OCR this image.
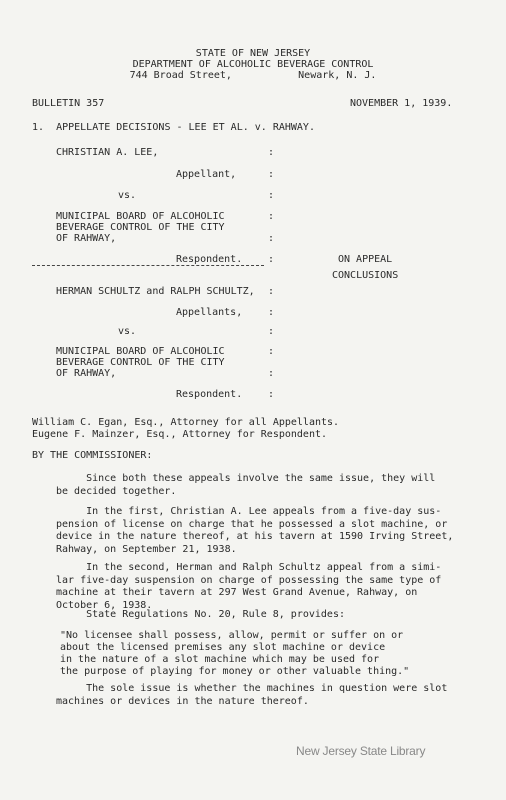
STATE OF NEW JERSEY
DEPARTMENT OF ALCOHOLIC BEVERAGE CONTROL
744 Broad Street,           Newark, N. J.
BULLETIN 357	NOVEMBER 1, 1939.
1.  APPELLATE DECISIONS - LEE ET AL. v. RAHWAY.
CHRISTIAN A. LEE,
Appellant,
vs.
MUNICIPAL BOARD OF ALCOHOLIC
BEVERAGE CONTROL OF THE CITY
OF RAHWAY,
Respondent.	ON APPEAL
CONCLUSIONS
HERMAN SCHULTZ and RALPH SCHULTZ,
Appellants,
vs.
MUNICIPAL BOARD OF ALCOHOLIC
BEVERAGE CONTROL OF THE CITY
OF RAHWAY,
Respondent.
:
:
:
:
:
:
:
:
:
:
:
:
William C. Egan, Esq., Attorney for all Appellants.
Eugene F. Mainzer, Esq., Attorney for Respondent.
BY THE COMMISSIONER:
Since both these appeals involve the same issue, they will
be decided together.
In the first, Christian A. Lee appeals from a five-day sus-
pension of license on charge that he possessed a slot machine, or
device in the nature thereof, at his tavern at 1590 Irving Street,
Rahway, on September 21, 1938.
In the second, Herman and Ralph Schultz appeal from a simi-
lar five-day suspension on charge of possessing the same type of
machine at their tavern at 297 West Grand Avenue, Rahway, on
October 6, 1938.
State Regulations No. 20, Rule 8, provides:
"No licensee shall possess, allow, permit or suffer on or
about the licensed premises any slot machine or device
in the nature of a slot machine which may be used for
the purpose of playing for money or other valuable thing."
The sole issue is whether the machines in question were slot
machines or devices in the nature thereof.
New Jersey State Library
